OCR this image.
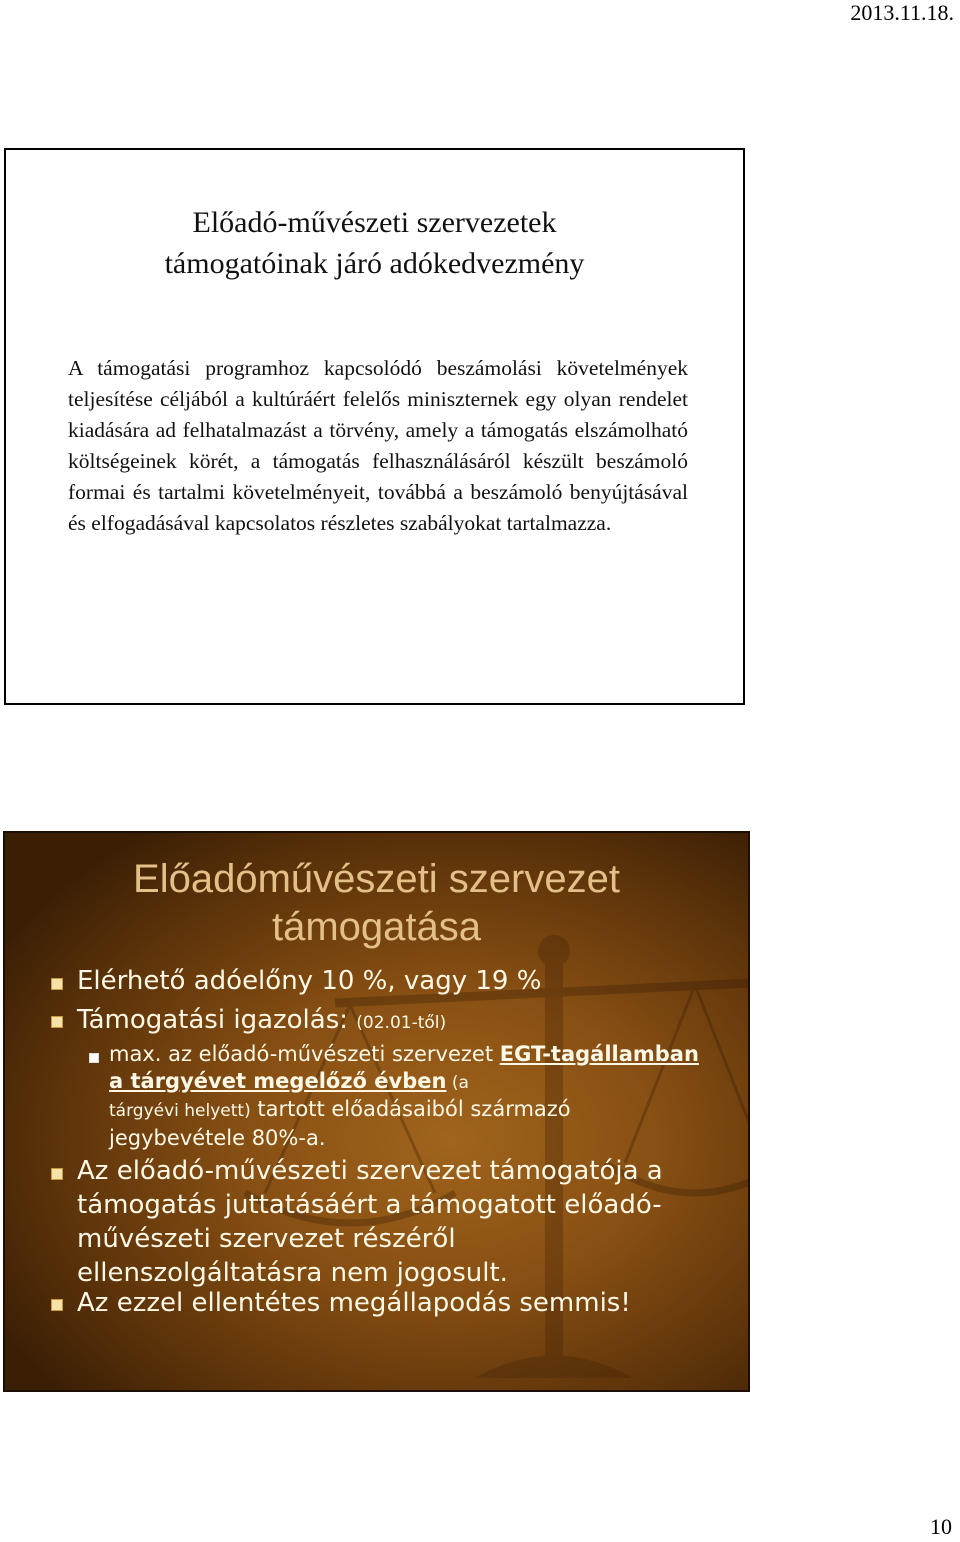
2013.11.18.
Előadó-művészeti szervezetek
támogatóinak járó adókedvezmény
A támogatási programhoz kapcsolódó beszámolási követelmények teljesítése céljából a kultúráért felelős miniszternek egy olyan rendelet kiadására ad felhatalmazást a törvény, amely a támogatás elszámolható költségeinek körét, a támogatás felhasználásáról készült beszámoló formai és tartalmi követelményeit, továbbá a beszámoló benyújtásával és elfogadásával kapcsolatos részletes szabályokat tartalmazza.
Előadóművészeti szervezet
támogatása
Elérhető adóelőny 10 %, vagy 19 %
Támogatási igazolás: (02.01-től)
max. az előadó-művészeti szervezet EGT-tagállamban a tárgyévet megelőző évben (a
tárgyévi helyett) tartott előadásaiból származó jegybevétele 80%-a.
Az előadó-művészeti szervezet támogatója a támogatás juttatásáért a támogatott előadó-művészeti szervezet részéről ellenszolgáltatásra nem jogosult.
Az ezzel ellentétes megállapodás semmis!
10
